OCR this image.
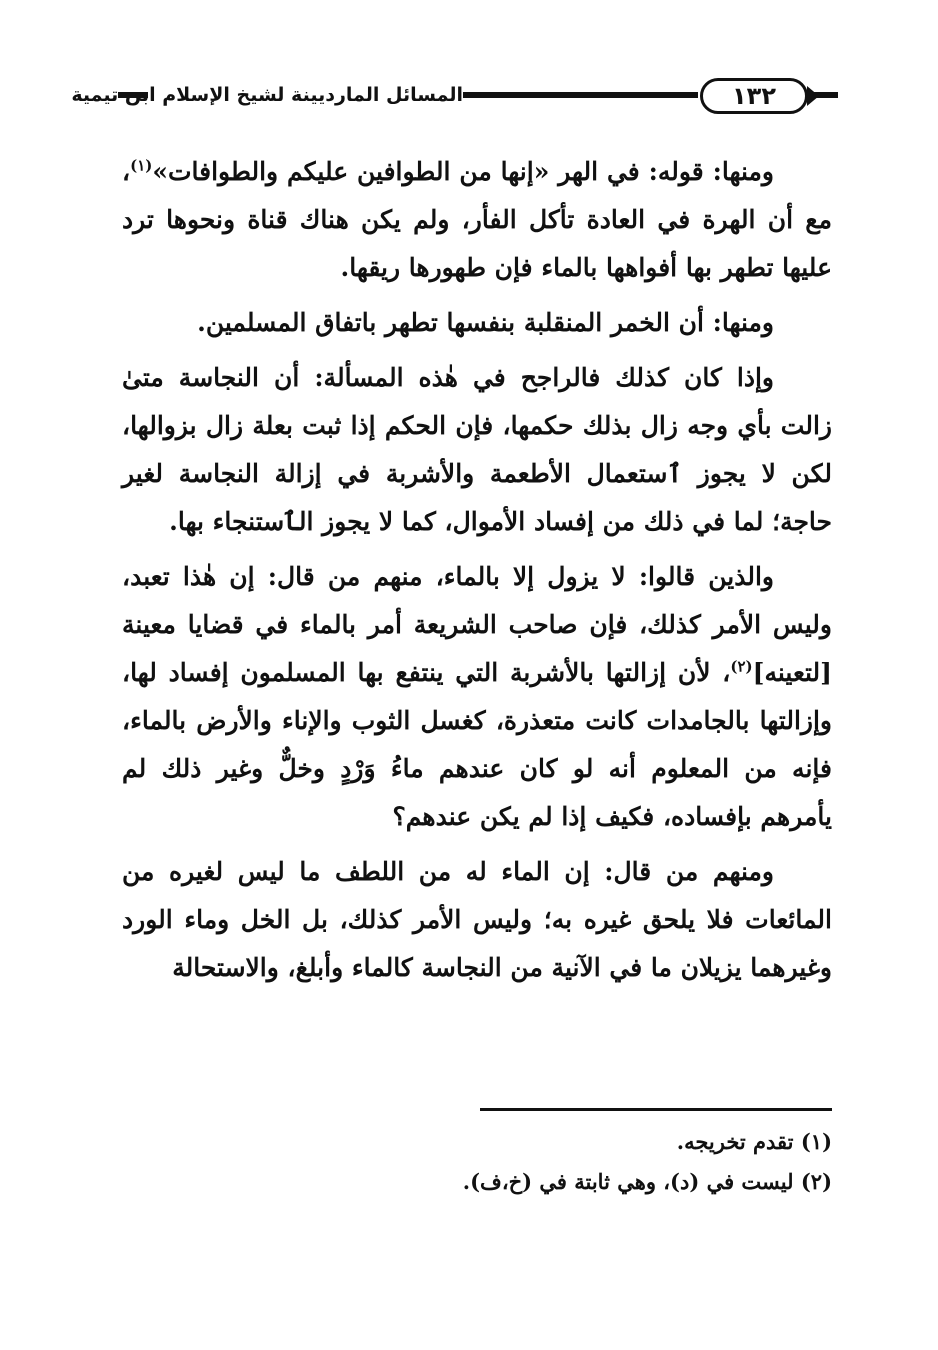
المسائل المارديينة لشيخ الإسلام ابن تيمية	١٣٢

ومنها: قوله: في الهر «إنها من الطوافين عليكم والطوافات»$^{(١)}$، مع أن الهرة في العادة تأكل الفأر، ولم يكن هناك قناة ونحوها ترد عليها تطهر بها أفواهها بالماء فإن طهورها ريقها.

ومنها: أن الخمر المنقلبة بنفسها تطهر باتفاق المسلمين.

وإذا كان كذلك فالراجح في هٰذه المسألة: أن النجاسة متىٰ زالت بأي وجه زال بذلك حكمها، فإن الحكم إذا ثبت بعلة زال بزوالها، لكن لا يجوز ٱستعمال الأطعمة والأشربة في إزالة النجاسة لغير حاجة؛ لما في ذلك من إفساد الأموال، كما لا يجوز الٱستنجاء بها.

والذين قالوا: لا يزول إلا بالماء، منهم من قال: إن هٰذا تعبد، وليس الأمر كذلك، فإن صاحب الشريعة أمر بالماء في قضايا معينة [لتعينه]$^{(٢)}$، لأن إزالتها بالأشربة التي ينتفع بها المسلمون إفساد لها، وإزالتها بالجامدات كانت متعذرة، كغسل الثوب والإناء والأرض بالماء، فإنه من المعلوم أنه لو كان عندهم ماءُ وَرْدٍ وخلٌّ وغير ذلك لم يأمرهم بإفساده، فكيف إذا لم يكن عندهم؟

ومنهم من قال: إن الماء له من اللطف ما ليس لغيره من المائعات فلا يلحق غيره به؛ وليس الأمر كذلك، بل الخل وماء الورد وغيرهما يزيلان ما في الآنية من النجاسة كالماء وأبلغ، والاستحالة

(١) تقدم تخريجه.

(٢) ليست في (د)، وهي ثابتة في (خ،ف).
